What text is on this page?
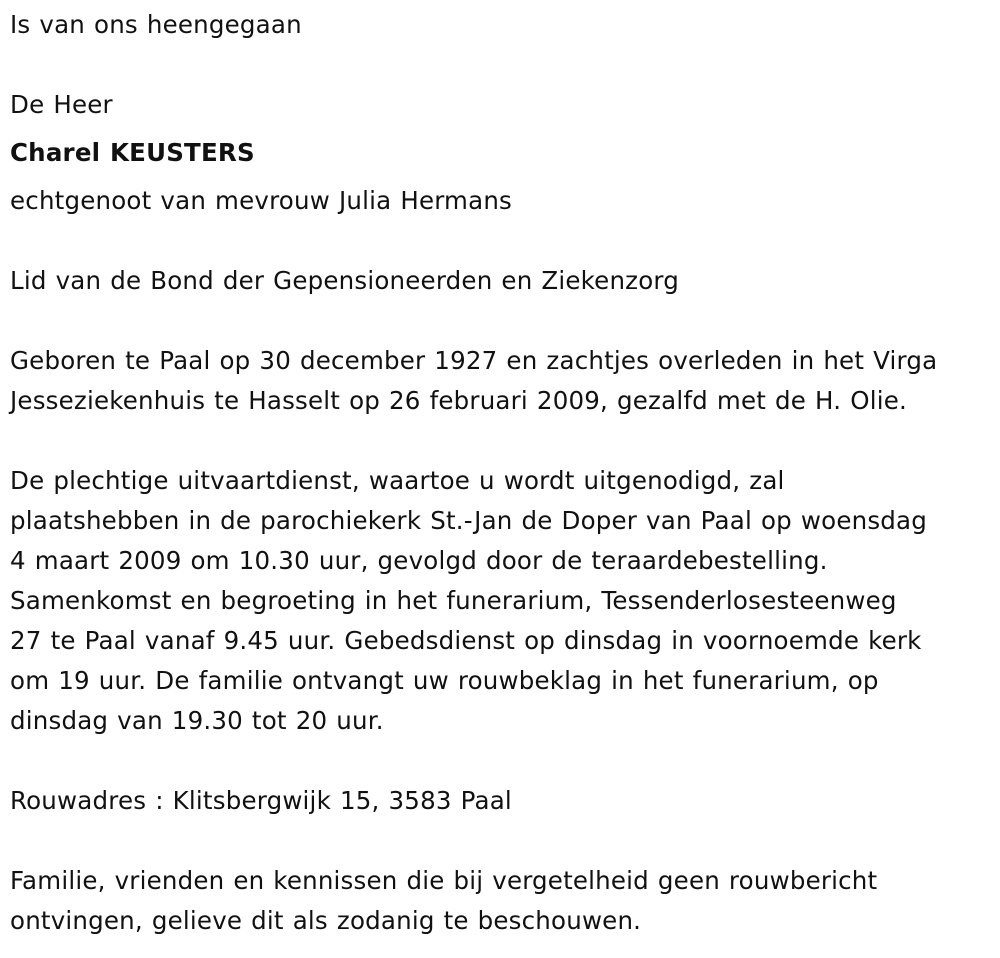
Is van ons heengegaan
De Heer
Charel KEUSTERS
echtgenoot van mevrouw Julia Hermans
Lid van de Bond der Gepensioneerden en Ziekenzorg
Geboren te Paal op 30 december 1927 en zachtjes overleden in het Virga
Jesseziekenhuis te Hasselt op 26 februari 2009, gezalfd met de H. Olie.
De plechtige uitvaartdienst, waartoe u wordt uitgenodigd, zal
plaatshebben in de parochiekerk St.-Jan de Doper van Paal op woensdag
4 maart 2009 om 10.30 uur, gevolgd door de teraardebestelling.
Samenkomst en begroeting in het funerarium, Tessenderlosesteenweg
27 te Paal vanaf 9.45 uur. Gebedsdienst op dinsdag in voornoemde kerk
om 19 uur. De familie ontvangt uw rouwbeklag in het funerarium, op
dinsdag van 19.30 tot 20 uur.
Rouwadres : Klitsbergwijk 15, 3583 Paal
Familie, vrienden en kennissen die bij vergetelheid geen rouwbericht
ontvingen, gelieve dit als zodanig te beschouwen.
